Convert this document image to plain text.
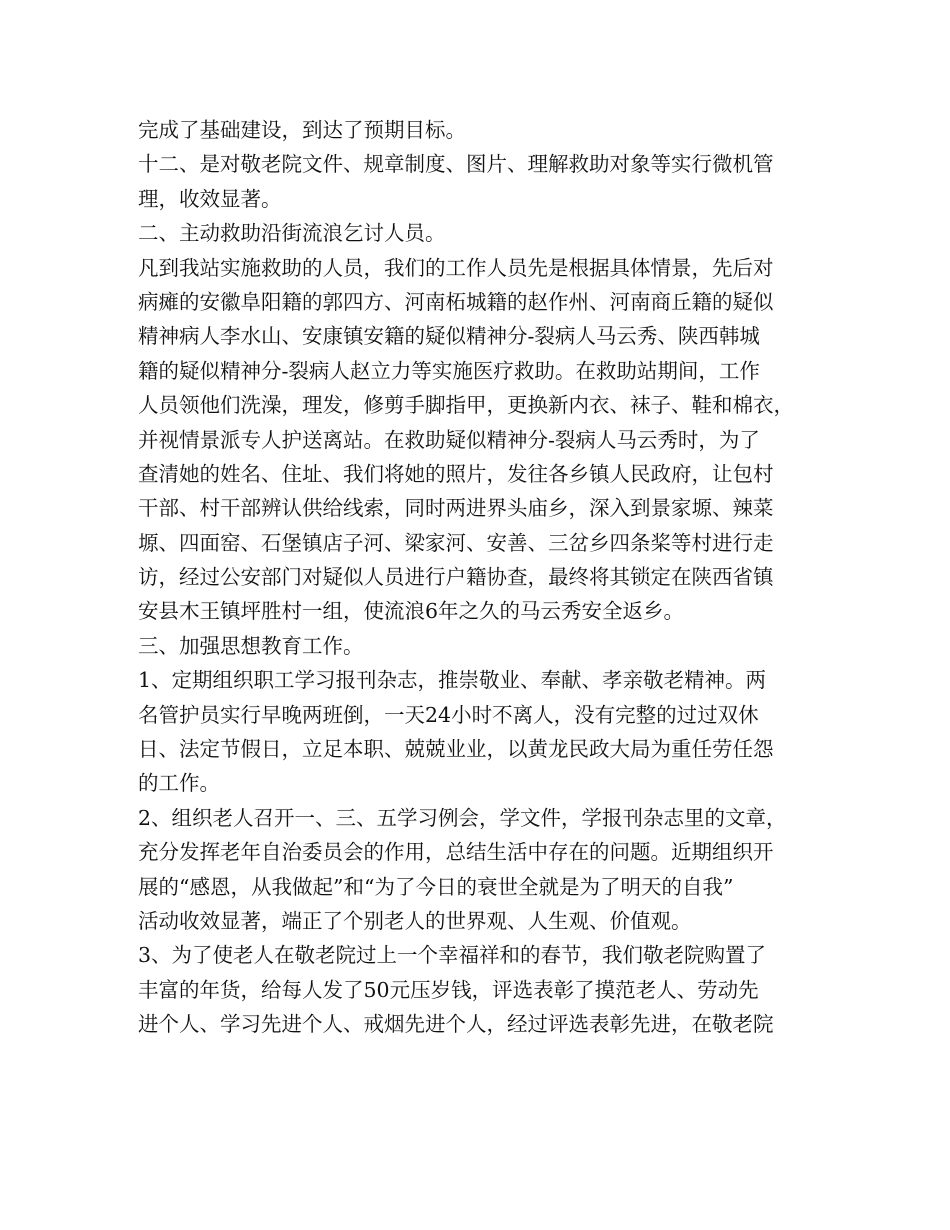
完成了基础建设，到达了预期目标。
十二、是对敬老院文件、规章制度、图片、理解救助对象等实行微机管
理，收效显著。
二、主动救助沿街流浪乞讨人员。
凡到我站实施救助的人员，我们的工作人员先是根据具体情景，先后对
病瘫的安徽阜阳籍的郭四方、河南柘城籍的赵作州、河南商丘籍的疑似
精神病人李水山、安康镇安籍的疑似精神分-裂病人马云秀、陕西韩城
籍的疑似精神分-裂病人赵立力等实施医疗救助。在救助站期间，工作
人员领他们洗澡，理发，修剪手脚指甲，更换新内衣、袜子、鞋和棉衣，
并视情景派专人护送离站。在救助疑似精神分-裂病人马云秀时，为了
查清她的姓名、住址、我们将她的照片，发往各乡镇人民政府，让包村
干部、村干部辨认供给线索，同时两进界头庙乡，深入到景家塬、辣菜
塬、四面窑、石堡镇店子河、梁家河、安善、三岔乡四条桨等村进行走
访，经过公安部门对疑似人员进行户籍协查，最终将其锁定在陕西省镇
安县木王镇坪胜村一组，使流浪6年之久的马云秀安全返乡。
三、加强思想教育工作。
1、定期组织职工学习报刊杂志，推崇敬业、奉献、孝亲敬老精神。两
名管护员实行早晚两班倒，一天24小时不离人，没有完整的过过双休
日、法定节假日，立足本职、兢兢业业，以黄龙民政大局为重任劳任怨
的工作。
2、组织老人召开一、三、五学习例会，学文件，学报刊杂志里的文章，
充分发挥老年自治委员会的作用，总结生活中存在的问题。近期组织开
展的“感恩，从我做起”和“为了今日的衰世全就是为了明天的自我”
活动收效显著，端正了个别老人的世界观、人生观、价值观。
3、为了使老人在敬老院过上一个幸福祥和的春节，我们敬老院购置了
丰富的年货，给每人发了50元压岁钱，评选表彰了摸范老人、劳动先
进个人、学习先进个人、戒烟先进个人，经过评选表彰先进，在敬老院
